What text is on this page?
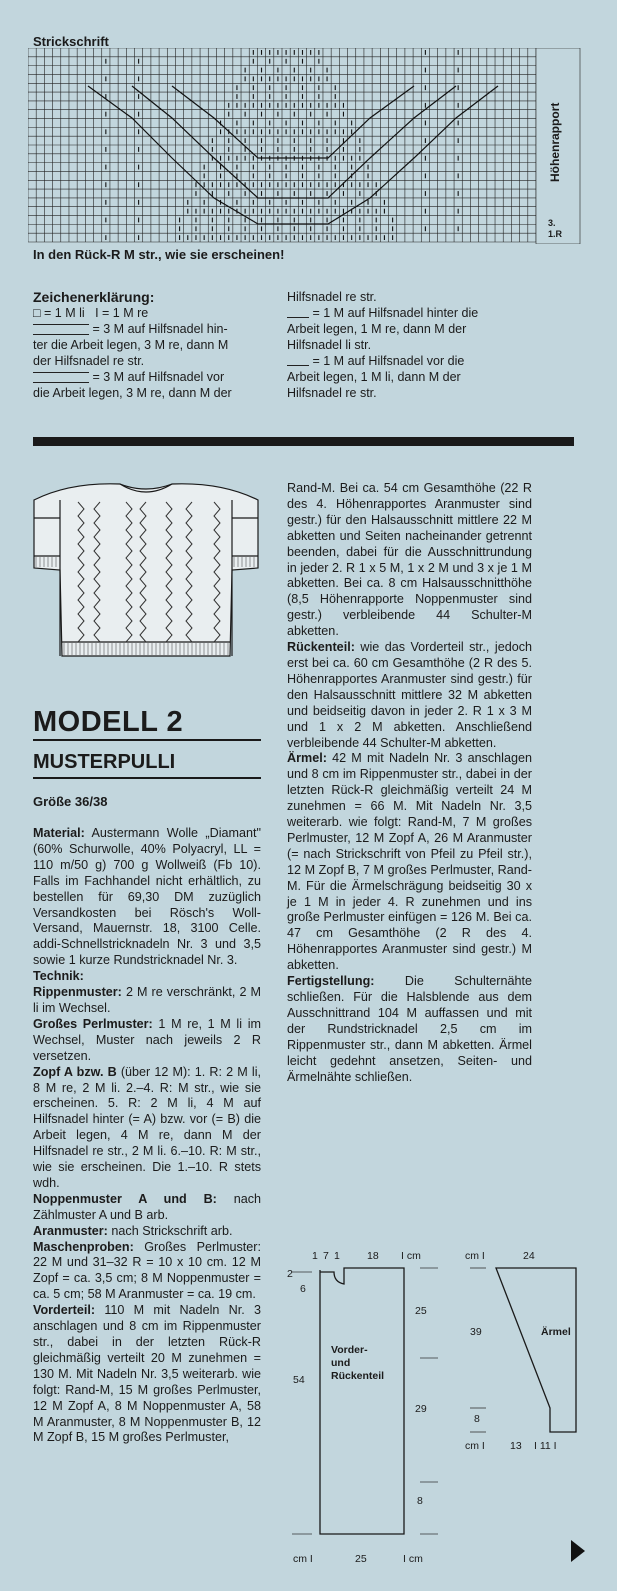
Strickschrift
Höhenrapport
3.
1.R
In den Rück-R M str., wie sie erscheinen!
Zeichenerklärung:
□ = 1 M li I = 1 M re
= 3 M auf Hilfsnadel hin-
ter die Arbeit legen, 3 M re, dann M
der Hilfsnadel re str.
= 3 M auf Hilfsnadel vor
die Arbeit legen, 3 M re, dann M der
Hilfsnadel re str.
= 1 M auf Hilfsnadel hinter die
Arbeit legen, 1 M re, dann M der
Hilfsnadel li str.
= 1 M auf Hilfsnadel vor die
Arbeit legen, 1 M li, dann M der
Hilfsnadel re str.
MODELL 2
MUSTERPULLI
Größe 36/38

Material: Austermann Wolle „Diamant" (60% Schurwolle, 40% Polyacryl, LL = 110 m/50 g) 700 g Wollweiß (Fb 10). Falls im Fachhandel nicht erhältlich, zu bestellen für 69,30 DM zuzüglich Versandkosten bei Rösch's Woll-Versand, Mauernstr. 18, 3100 Celle. addi-Schnellstricknadeln Nr. 3 und 3,5 sowie 1 kurze Rundstricknadel Nr. 3.

Technik:

Rippenmuster: 2 M re verschränkt, 2 M li im Wechsel.

Großes Perlmuster: 1 M re, 1 M li im Wechsel, Muster nach jeweils 2 R versetzen.

Zopf A bzw. B (über 12 M): 1. R: 2 M li, 8 M re, 2 M li. 2.–4. R: M str., wie sie erscheinen. 5. R: 2 M li, 4 M auf Hilfsnadel hinter (= A) bzw. vor (= B) die Arbeit legen, 4 M re, dann M der Hilfsnadel re str., 2 M li. 6.–10. R: M str., wie sie erscheinen. Die 1.–10. R stets wdh.

Noppenmuster A und B: nach Zählmuster A und B arb.

Aranmuster: nach Strickschrift arb.

Maschenproben: Großes Perlmuster: 22 M und 31–32 R = 10 x 10 cm. 12 M Zopf = ca. 3,5 cm; 8 M Noppenmuster = ca. 5 cm; 58 M Aranmuster = ca. 19 cm.

Vorderteil: 110 M mit Nadeln Nr. 3 anschlagen und 8 cm im Rippenmuster str., dabei in der letzten Rück-R gleichmäßig verteilt 20 M zunehmen = 130 M. Mit Nadeln Nr. 3,5 weiterarb. wie folgt: Rand-M, 15 M großes Perlmuster, 12 M Zopf A, 8 M Noppenmuster A, 58 M Aranmuster, 8 M Noppenmuster B, 12 M Zopf B, 15 M großes Perlmuster,

Rand-M. Bei ca. 54 cm Gesamthöhe (22 R des 4. Höhenrapportes Aranmuster sind gestr.) für den Halsausschnitt mittlere 22 M abketten und Seiten nacheinander getrennt beenden, dabei für die Ausschnittrundung in jeder 2. R 1 x 5 M, 1 x 2 M und 3 x je 1 M abketten. Bei ca. 8 cm Halsausschnitthöhe (8,5 Höhenrapporte Noppenmuster sind gestr.) verbleibende 44 Schulter-M abketten.

Rückenteil: wie das Vorderteil str., jedoch erst bei ca. 60 cm Gesamthöhe (2 R des 5. Höhenrapportes Aranmuster sind gestr.) für den Halsausschnitt mittlere 32 M abketten und beidseitig davon in jeder 2. R 1 x 3 M und 1 x 2 M abketten. Anschließend verbleibende 44 Schulter-M abketten.

Ärmel: 42 M mit Nadeln Nr. 3 anschlagen und 8 cm im Rippenmuster str., dabei in der letzten Rück-R gleichmäßig verteilt 24 M zunehmen = 66 M. Mit Nadeln Nr. 3,5 weiterarb. wie folgt: Rand-M, 7 M großes Perlmuster, 12 M Zopf A, 26 M Aranmuster (= nach Strickschrift von Pfeil zu Pfeil str.), 12 M Zopf B, 7 M großes Perlmuster, Rand-M. Für die Ärmelschrägung beidseitig 30 x je 1 M in jeder 4. R zunehmen und ins große Perlmuster einfügen = 126 M. Bei ca. 47 cm Gesamthöhe (2 R des 4. Höhenrapportes Aranmuster sind gestr.) M abketten.

Fertigstellung: Die Schulternähte schließen. Für die Halsblende aus dem Ausschnittrand 104 M auffassen und mit der Rundstricknadel 2,5 cm im Rippenmuster str., dann M abketten. Ärmel leicht gedehnt ansetzen, Seiten- und Ärmelnähte schließen.

1 7 1	18 I cm
2
6
54
25
29
8
Vorder-
und
Rückenteil
cm I	25	I cm
cm I	24
39
8
Ärmel
cm I 13 I 11 I
